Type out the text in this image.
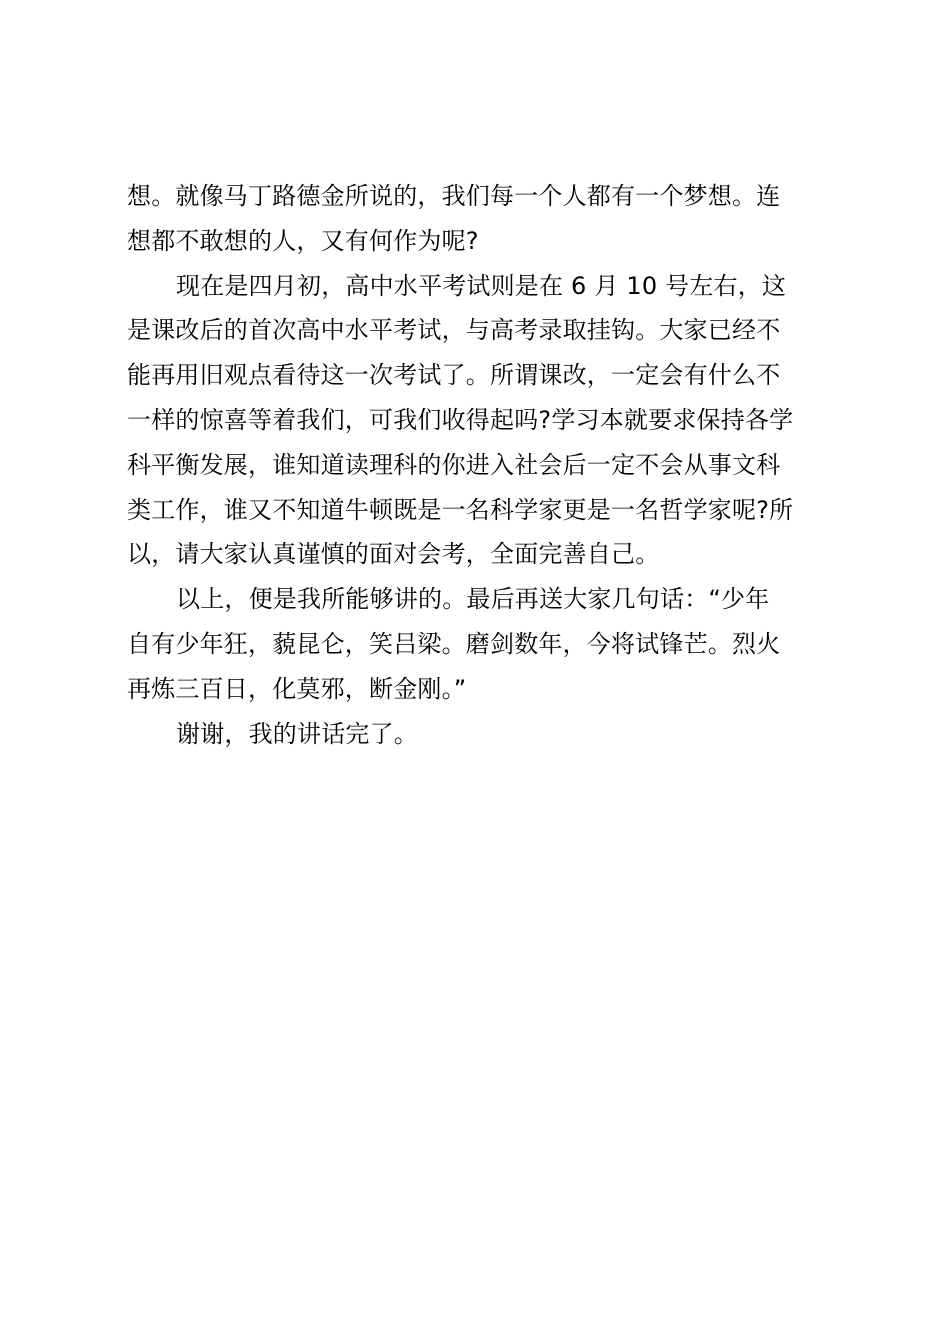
想。就像马丁路德金所说的，我们每一个人都有一个梦想。连
想都不敢想的人，又有何作为呢?
现在是四月初，高中水平考试则是在 6 月 10 号左右，这
是课改后的首次高中水平考试，与高考录取挂钩。大家已经不
能再用旧观点看待这一次考试了。所谓课改，一定会有什么不
一样的惊喜等着我们，可我们收得起吗?学习本就要求保持各学
科平衡发展，谁知道读理科的你进入社会后一定不会从事文科
类工作，谁又不知道牛顿既是一名科学家更是一名哲学家呢?所
以，请大家认真谨慎的面对会考，全面完善自己。
以上，便是我所能够讲的。最后再送大家几句话：“少年
自有少年狂，藐昆仑，笑吕梁。磨剑数年，今将试锋芒。烈火
再炼三百日，化莫邪，断金刚。”
谢谢，我的讲话完了。
